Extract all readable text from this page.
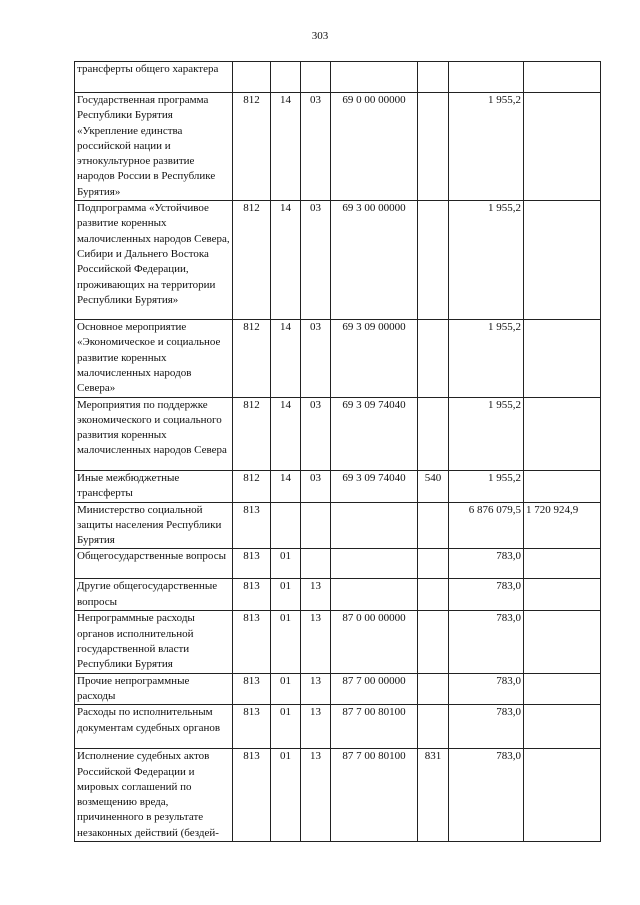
303
трансферты общего характера							
Государственная программа Республики Бурятия «Укрепление единства российской нации и этнокультурное развитие народов России в Республике Бурятия»	812	14	03	69 0 00 00000		1 955,2	
Подпрограмма «Устойчивое развитие коренных малочисленных народов Севера, Сибири и Дальнего Востока Российской Федерации, проживающих на территории Республики Бурятия»	812	14	03	69 3 00 00000		1 955,2	
Основное мероприятие «Экономическое и социальное развитие коренных малочисленных народов Севера»	812	14	03	69 3 09 00000		1 955,2	
Мероприятия по поддержке экономического и социального развития коренных малочисленных народов Севера	812	14	03	69 3 09 74040		1 955,2	
Иные межбюджетные трансферты	812	14	03	69 3 09 74040	540	1 955,2	
Министерство социальной защиты населения Республики Бурятия	813					6 876 079,5	1 720 924,9
Общегосударственные вопросы	813	01				783,0	
Другие общегосударственные вопросы	813	01	13			783,0	
Непрограммные расходы органов исполнительной государственной власти Республики Бурятия	813	01	13	87 0 00 00000		783,0	
Прочие непрограммные расходы	813	01	13	87 7 00 00000		783,0	
Расходы по исполнительным документам судебных органов	813	01	13	87 7 00 80100		783,0	
Исполнение судебных актов Российской Федерации и мировых соглашений по возмещению вреда, причиненного в результате незаконных действий (бездей-	813	01	13	87 7 00 80100	831	783,0	
